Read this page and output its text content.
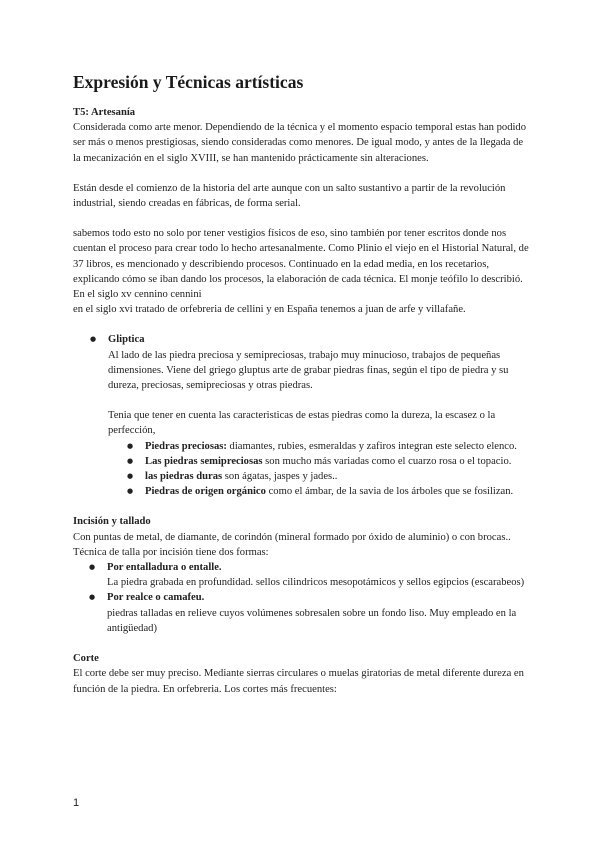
Expresión y Técnicas artísticas

T5: Artesanía

Considerada como arte menor. Dependiendo de la técnica y el momento espacio temporal estas han podido ser más o menos prestigiosas, siendo consideradas como menores. De igual modo, y antes de la llegada de la mecanización en el siglo XVIII, se han mantenido prácticamente sin alteraciones.

Están desde el comienzo de la historia del arte aunque con un salto sustantivo a partir de la revolución industrial, siendo creadas en fábricas, de forma serial.

sabemos todo esto no solo por tener vestigios físicos de eso, sino también por tener escritos donde nos cuentan el proceso para crear todo lo hecho artesanalmente. Como Plinio el viejo en el Historial Natural, de 37 libros, es mencionado y describiendo procesos. Continuado en la edad media, en los recetarios, explicando cómo se iban dando los procesos, la elaboración de cada técnica. El monje teófilo lo describió. En el siglo xv cennino cennini

en el siglo xvi tratado de orfebreria de cellini y en España tenemos a juan de arfe y villafañe.

● Gliptica

Al lado de las piedra preciosa y semipreciosas, trabajo muy minucioso, trabajos de pequeñas dimensiones. Viene del griego gluptus arte de grabar piedras finas, según el tipo de piedra y su dureza, preciosas, semipreciosas y otras piedras.

Tenia que tener en cuenta las caracteristicas de estas piedras como la dureza, la escasez o la perfección,

● Piedras preciosas: diamantes, rubies, esmeraldas y zafiros integran este selecto elenco.
● Las piedras semipreciosas son mucho más variadas como el cuarzo rosa o el topacio.
● las piedras duras son ágatas, jaspes y jades..
● Piedras de origen orgánico como el ámbar, de la savia de los árboles que se fosilizan.

Incisión y tallado

Con puntas de metal, de diamante, de corindón (mineral formado por óxido de aluminio) o con brocas.. Técnica de talla por incisión tiene dos formas:

● Por entalladura o entalle.

La piedra grabada en profundidad. sellos cilindricos mesopotámicos y sellos egipcios (escarabeos)

● Por realce o camafeu.

piedras talladas en relieve cuyos volúmenes sobresalen sobre un fondo liso. Muy empleado en la antigüedad)

Corte

El corte debe ser muy preciso. Mediante sierras circulares o muelas giratorias de metal diferente dureza en función de la piedra. En orfebreria. Los cortes más frecuentes:

1
